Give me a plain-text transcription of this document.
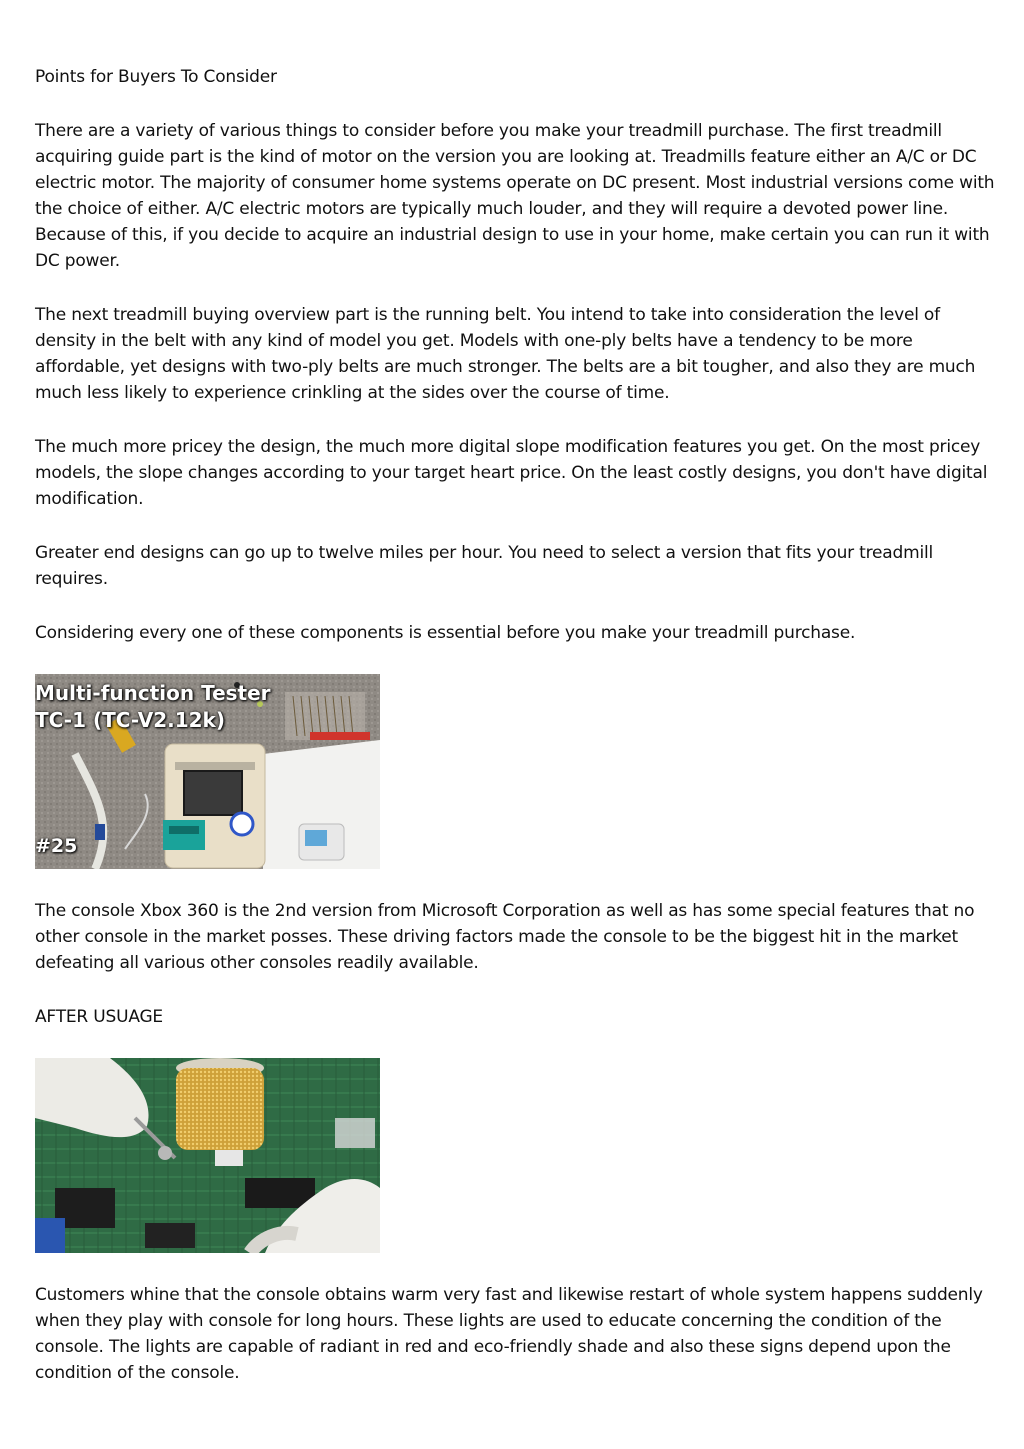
Points for Buyers To Consider

There are a variety of various things to consider before you make your treadmill purchase. The first treadmill acquiring guide part is the kind of motor on the version you are looking at. Treadmills feature either an A/C or DC electric motor. The majority of consumer home systems operate on DC present. Most industrial versions come with the choice of either. A/C electric motors are typically much louder, and they will require a devoted power line. Because of this, if you decide to acquire an industrial design to use in your home, make certain you can run it with DC power.

The next treadmill buying overview part is the running belt. You intend to take into consideration the level of density in the belt with any kind of model you get. Models with one-ply belts have a tendency to be more affordable, yet designs with two-ply belts are much stronger. The belts are a bit tougher, and also they are much much less likely to experience crinkling at the sides over the course of time.

The much more pricey the design, the much more digital slope modification features you get. On the most pricey models, the slope changes according to your target heart price. On the least costly designs, you don't have digital modification.

Greater end designs can go up to twelve miles per hour. You need to select a version that fits your treadmill requires.

Considering every one of these components is essential before you make your treadmill purchase.

Multi-function Tester
TC-1 (TC-V2.12k)
#25

The console Xbox 360 is the 2nd version from Microsoft Corporation as well as has some special features that no other console in the market posses. These driving factors made the console to be the biggest hit in the market defeating all various other consoles readily available.

AFTER USUAGE

Customers whine that the console obtains warm very fast and likewise restart of whole system happens suddenly when they play with console for long hours. These lights are used to educate concerning the condition of the console. The lights are capable of radiant in red and eco-friendly shade and also these signs depend upon the condition of the console.
